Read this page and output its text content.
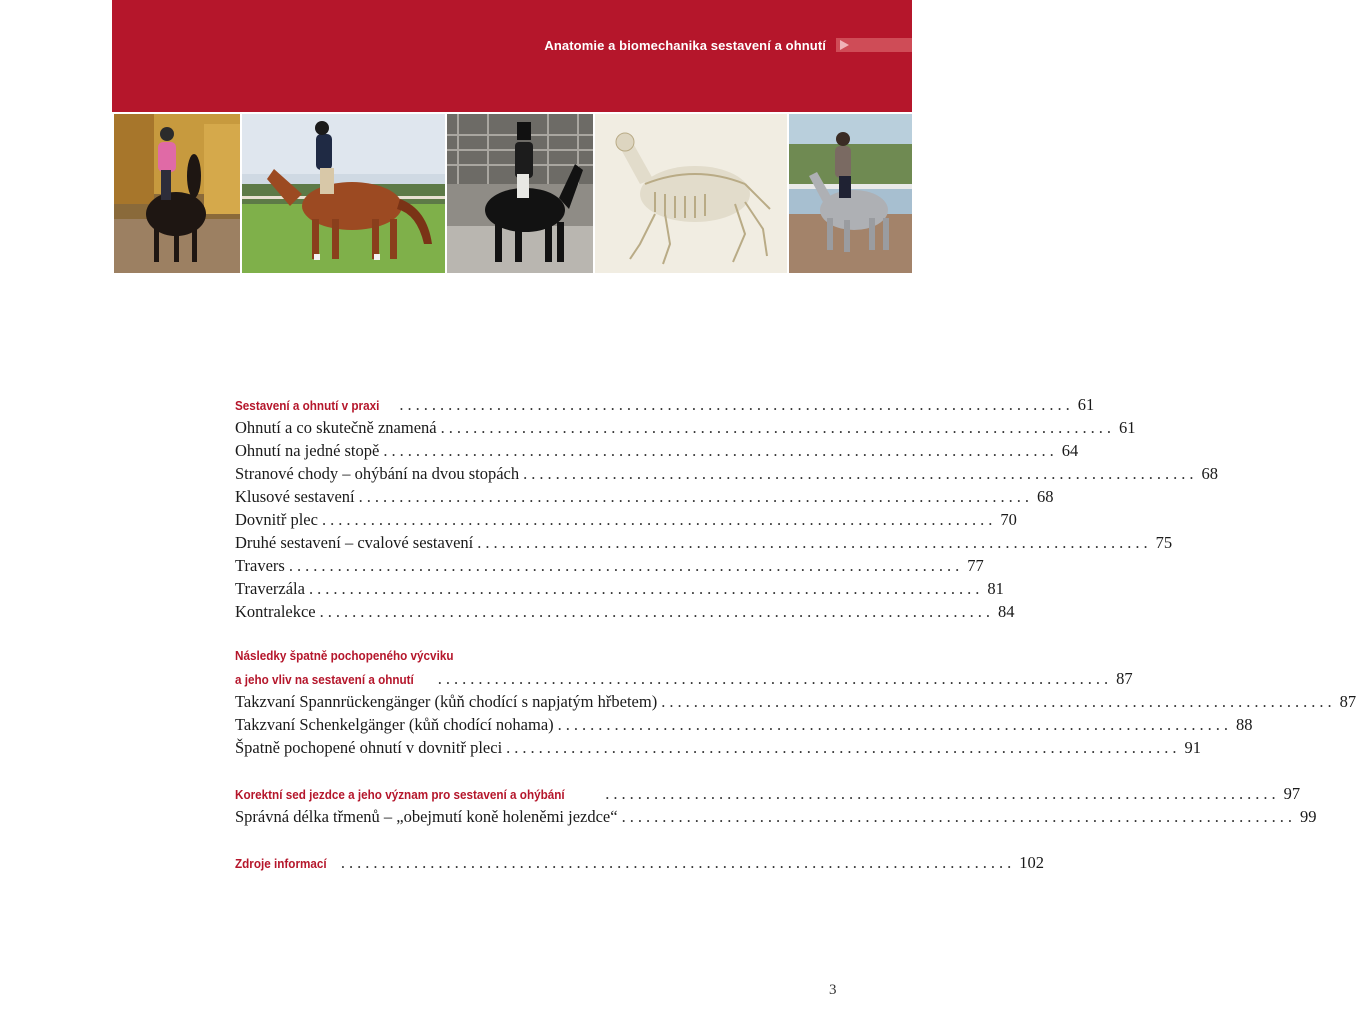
Anatomie a biomechanika sestavení a ohnutí
Sestavení a ohnutí v praxi ................................................................................... 61
Ohnutí a co skutečně znamená ................................................................................... 61
Ohnutí na jedné stopě ................................................................................... 64
Stranové chody – ohýbání na dvou stopách ................................................................................... 68
Klusové sestavení ................................................................................... 68
Dovnitř plec ................................................................................... 70
Druhé sestavení – cvalové sestavení ................................................................................... 75
Travers ................................................................................... 77
Traverzála ................................................................................... 81
Kontralekce ................................................................................... 84
Následky špatně pochopeného výcviku
a jeho vliv na sestavení a ohnutí ................................................................................... 87
Takzvaní Spannrückengänger (kůň chodící s napjatým hřbetem) ................................................................................... 87
Takzvaní Schenkelgänger (kůň chodící nohama) ................................................................................... 88
Špatně pochopené ohnutí v dovnitř pleci ................................................................................... 91
Korektní sed jezdce a jeho význam pro sestavení a ohýbání ................................................................................... 97
Správná délka třmenů – „obejmutí koně holeněmi jezdce“ ................................................................................... 99
Zdroje informací ................................................................................... 102
3
